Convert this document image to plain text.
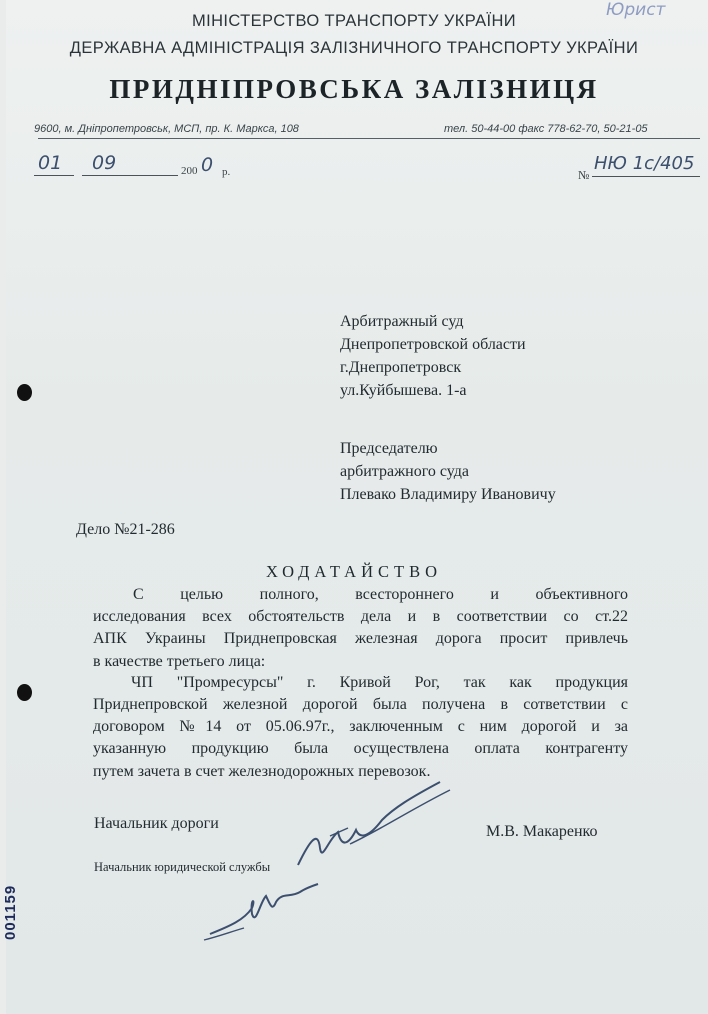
Юрист
МІНІСТЕРСТВО ТРАНСПОРТУ УКРАЇНИ
ДЕРЖАВНА АДМІНІСТРАЦІЯ ЗАЛІЗНИЧНОГО ТРАНСПОРТУ УКРАЇНИ
ПРИДНІПРОВСЬКА ЗАЛІЗНИЦЯ
9600, м. Дніпропетровськ, МСП, пр. К. Маркса, 108	тел. 50-44-00 факс 778-62-70, 50-21-05
01 09	200 0 р.	№
НЮ 1с/405
Арбитражный суд
Днепропетровской области
г.Днепропетровск
ул.Куйбышева. 1-а
Председателю
арбитражного суда
Плевако Владимиру Ивановичу
Дело №21-286
ХОДАТАЙСТВО
С целью полного, всестороннего и объективного
исследования всех обстоятельств дела и в соответствии со ст.22
АПК Украины Приднепровская железная дорога просит привлечь
в качестве третьего лица:
ЧП "Промресурсы" г. Кривой Рог, так как продукция
Приднепровской железной дорогой была получена в сответствии с
договором №14 от 05.06.97г., заключенным с ним дорогой и за
указанную продукцию была осуществлена оплата контрагенту
путем зачета в счет железнодорожных перевозок.
Начальник дороги	М.В. Макаренко
Начальник юридической службы
001159
